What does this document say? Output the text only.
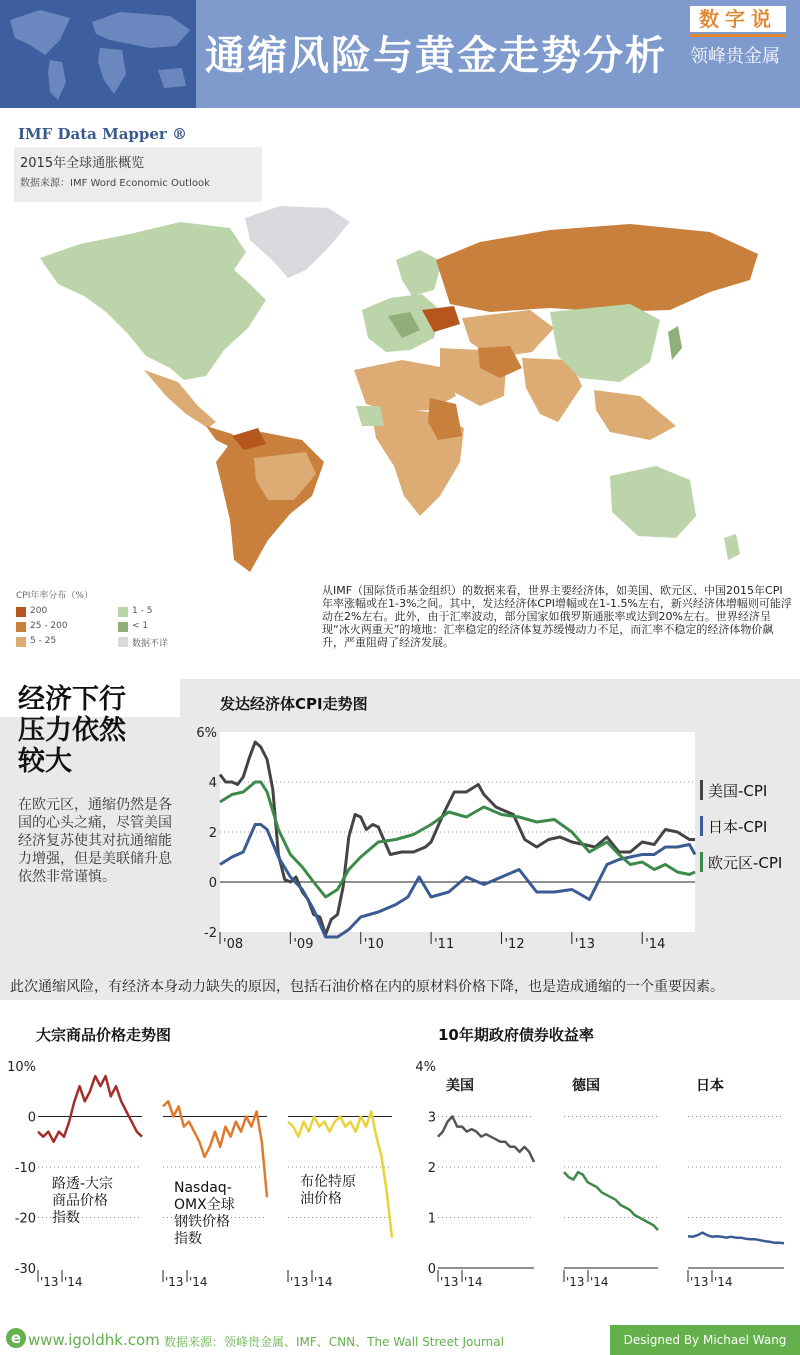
通缩风险与黄金走势分析
数字说
领峰贵金属
IMF Data Mapper ®
2015年全球通胀概览
数据来源：IMF Word Economic Outlook
CPI年率分布（%）
200
25 - 200
5 - 25
1 - 5
< 1
数据不详
从IMF（国际货币基金组织）的数据来看，世界主要经济体，如美国、欧元区、中国2015年CPI年率涨幅或在1-3%之间。其中，发达经济体CPI增幅或在1-1.5%左右，新兴经济体增幅则可能浮动在2%左右。此外，由于汇率波动，部分国家如俄罗斯通胀率或达到20%左右。世界经济呈现“冰火两重天”的境地：汇率稳定的经济体复苏缓慢动力不足，而汇率不稳定的经济体物价飙升，严重阻碍了经济发展。
经济下行
压力依然
较大
在欧元区，通缩仍然是各国的心头之痛，尽管美国经济复苏使其对抗通缩能力增强，但是美联储升息依然非常谨慎。
发达经济体CPI走势图
-2
0
2
4
6%
'08	'09	'10	'11	'12	'13	'14
美国-CPI
日本-CPI
欧元区-CPI
此次通缩风险，有经济本身动力缺失的原因，包括石油价格在内的原材料价格下降，也是造成通缩的一个重要因素。
大宗商品价格走势图	10年期政府债券收益率
-30
-20
-10
0
10%
'13 '14
路透-大宗
商品价格
指数
'13 '14
Nasdaq-
OMX全球
钢铁价格
指数
'13 '14
布伦特原
油价格
0
1
2
3
4%
美国
'13 '14
德国
'13 '14
日本
'13 '14
e www.igoldhk.com 数据来源：领峰贵金属、IMF、CNN、The Wall Street Journal	Designed By Michael Wang
